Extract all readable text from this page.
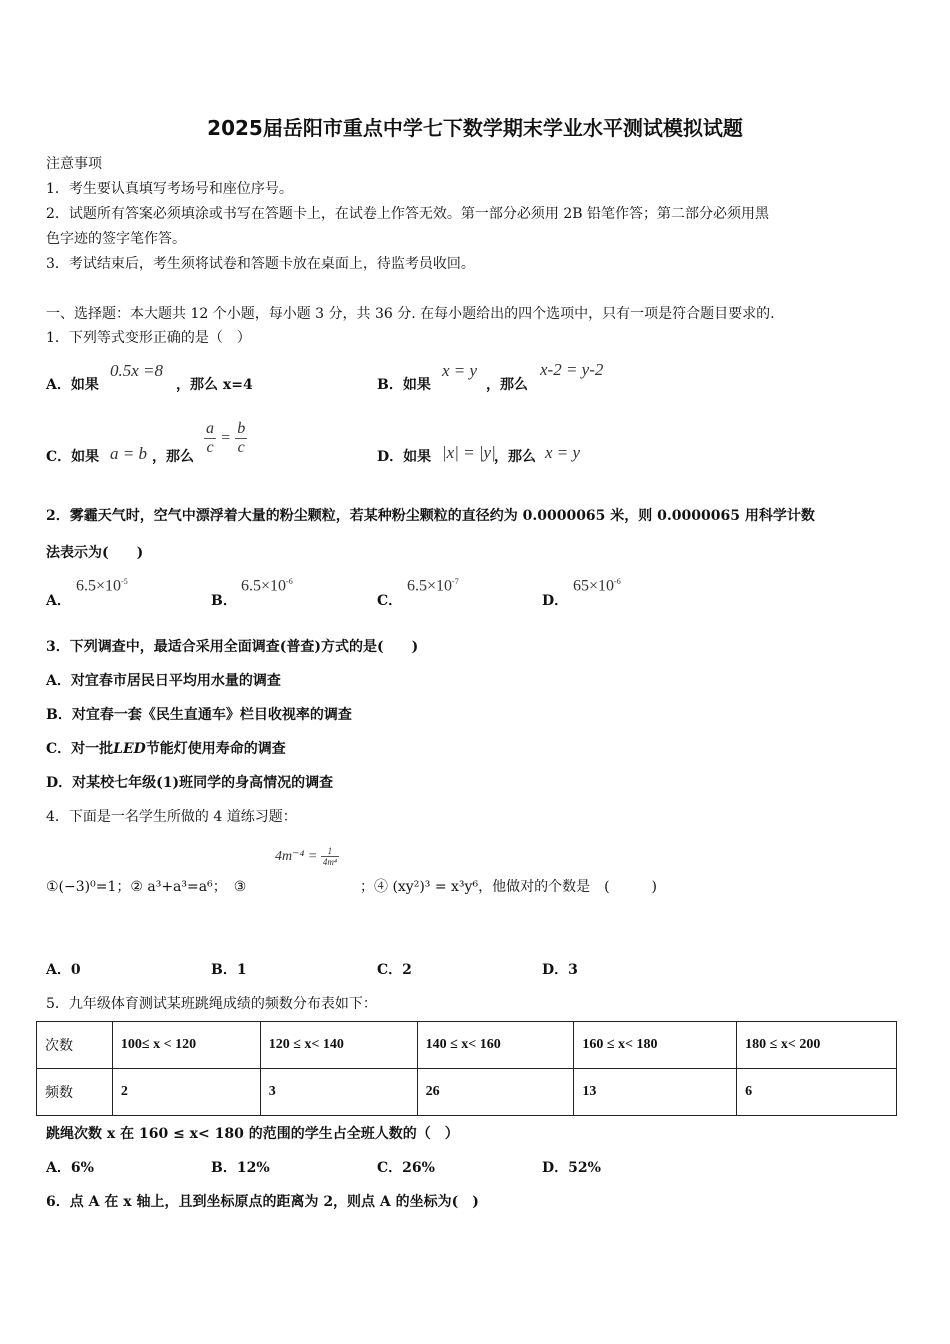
2025届岳阳市重点中学七下数学期末学业水平测试模拟试题
注意事项
1．考生要认真填写考场号和座位序号。
2．试题所有答案必须填涂或书写在答题卡上，在试卷上作答无效。第一部分必须用 2B 铅笔作答；第二部分必须用黑
色字迹的签字笔作答。
3．考试结束后，考生须将试卷和答题卡放在桌面上，待监考员收回。
一、选择题：本大题共 12 个小题，每小题 3 分，共 36 分. 在每小题给出的四个选项中，只有一项是符合题目要求的.
1．下列等式变形正确的是（　）
A．如果
0.5x =8
，那么 x=4	B．如果
x = y
，那么
x-2 = y-2
C．如果 a = b ，那么 $\frac{a}{c} = \frac{b}{c}$	D．如果 |x| = |y|
，那么 x = y
2．雾霾天气时，空气中漂浮着大量的粉尘颗粒，若某种粉尘颗粒的直径约为 0.0000065 米，则 0.0000065 用科学计数
法表示为(　　)
A．
$6.5\times 10^{-5}$
B．
$6.5\times 10^{-6}$
C．
$6.5\times 10^{-7}$
D．
$65\times 10^{-6}$
3．下列调查中，最适合采用全面调查(普查)方式的是(　　)
A．对宜春市居民日平均用水量的调查
B．对宜春一套《民生直通车》栏目收视率的调查
C．对一批LED节能灯使用寿命的调查
D．对某校七年级(1)班同学的身高情况的调查
4．下面是一名学生所做的 4 道练习题：
①(−3)⁰=1；② a³+a³=a⁶；　③
$4m^{-4} = \frac{1}{\text{4m⁴}}$
；④ (xy²)³ = x³y⁶，他做对的个数是　(　　　)
A．0	B．1	C．2	D．3
5．九年级体育测试某班跳绳成绩的频数分布表如下：
次数	100≤ x < 120	120 ≤ x< 140	140 ≤ x< 160	160 ≤ x< 180	180 ≤ x< 200
频数	2	3	26	13	6
跳绳次数 x 在 160 ≤ x< 180 的范围的学生占全班人数的（　）
A．6%	B．12%	C．26%	D．52%
6．点 A 在 x 轴上，且到坐标原点的距离为 2，则点 A 的坐标为(　)
